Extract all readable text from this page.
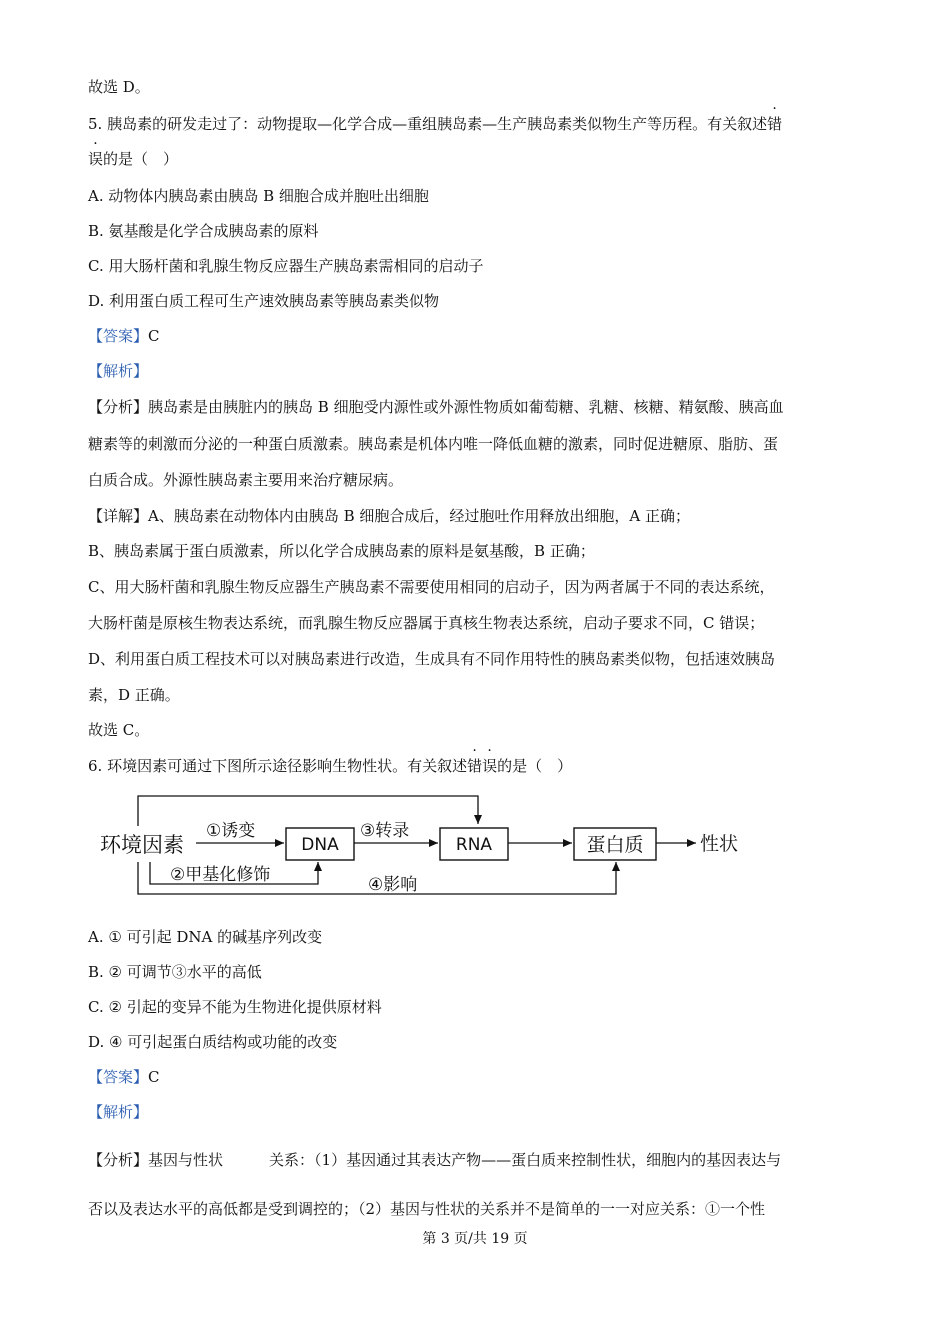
故选 D。
5. 胰岛素的研发走过了：动物提取—化学合成—重组胰岛素—生产胰岛素类似物生产等历程。有关叙述错
误的是（　）
A. 动物体内胰岛素由胰岛 B 细胞合成并胞吐出细胞
B. 氨基酸是化学合成胰岛素的原料
C. 用大肠杆菌和乳腺生物反应器生产胰岛素需相同的启动子
D. 利用蛋白质工程可生产速效胰岛素等胰岛素类似物
【答案】C
【解析】
【分析】胰岛素是由胰脏内的胰岛 B 细胞受内源性或外源性物质如葡萄糖、乳糖、核糖、精氨酸、胰高血
糖素等的刺激而分泌的一种蛋白质激素。胰岛素是机体内唯一降低血糖的激素，同时促进糖原、脂肪、蛋
白质合成。外源性胰岛素主要用来治疗糖尿病。
【详解】A、胰岛素在动物体内由胰岛 B 细胞合成后，经过胞吐作用释放出细胞，A 正确；
B、胰岛素属于蛋白质激素，所以化学合成胰岛素的原料是氨基酸，B 正确；
C、用大肠杆菌和乳腺生物反应器生产胰岛素不需要使用相同的启动子，因为两者属于不同的表达系统，
大肠杆菌是原核生物表达系统，而乳腺生物反应器属于真核生物表达系统，启动子要求不同，C 错误；
D、利用蛋白质工程技术可以对胰岛素进行改造，生成具有不同作用特性的胰岛素类似物，包括速效胰岛
素，D 正确。
故选 C。
6. 环境因素可通过下图所示途径影响生物性状。有关叙述错误的是（　）
环境因素
①诱变
DNA
③转录
RNA	蛋白质	性状
②甲基化修饰	④影响
A. ① 可引起 DNA 的碱基序列改变
B. ② 可调节③水平的高低
C. ② 引起的变异不能为生物进化提供原材料
D. ④ 可引起蛋白质结构或功能的改变
【答案】C
【解析】
【分析】基因与性状	关系：（1）基因通过其表达产物——蛋白质来控制性状，细胞内的基因表达与
否以及表达水平的高低都是受到调控的；（2）基因与性状的关系并不是简单的一一对应关系：①一个性
第 3 页/共 19 页
